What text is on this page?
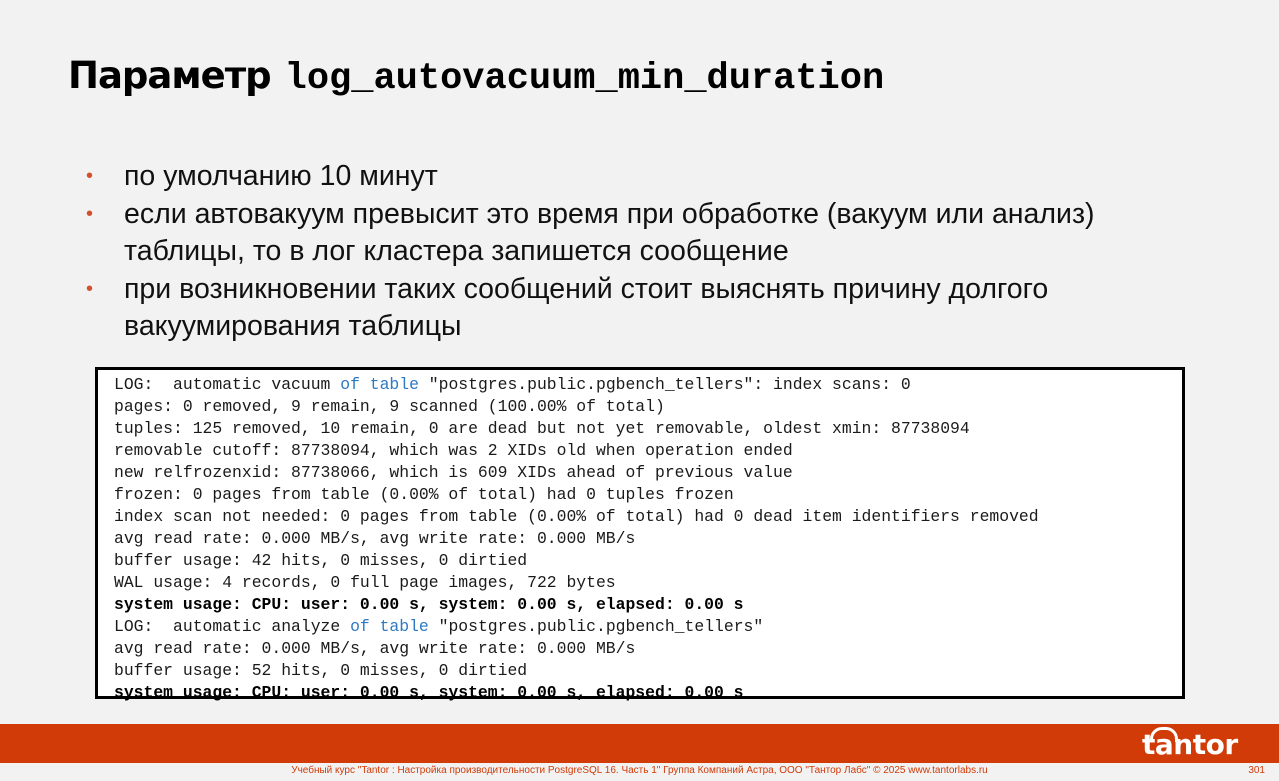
Параметр log_autovacuum_min_duration
• по умолчанию 10 минут
• если автовакуум превысит это время при обработке (вакуум или анализ) таблицы, то в лог кластера запишется сообщение
• при возникновении таких сообщений стоит выяснять причину долгого вакуумирования таблицы
LOG:  automatic vacuum of table "postgres.public.pgbench_tellers": index scans: 0
pages: 0 removed, 9 remain, 9 scanned (100.00% of total)
tuples: 125 removed, 10 remain, 0 are dead but not yet removable, oldest xmin: 87738094
removable cutoff: 87738094, which was 2 XIDs old when operation ended
new relfrozenxid: 87738066, which is 609 XIDs ahead of previous value
frozen: 0 pages from table (0.00% of total) had 0 tuples frozen
index scan not needed: 0 pages from table (0.00% of total) had 0 dead item identifiers removed
avg read rate: 0.000 MB/s, avg write rate: 0.000 MB/s
buffer usage: 42 hits, 0 misses, 0 dirtied
WAL usage: 4 records, 0 full page images, 722 bytes
system usage: CPU: user: 0.00 s, system: 0.00 s, elapsed: 0.00 s
LOG:  automatic analyze of table "postgres.public.pgbench_tellers"
avg read rate: 0.000 MB/s, avg write rate: 0.000 MB/s
buffer usage: 52 hits, 0 misses, 0 dirtied
system usage: CPU: user: 0.00 s, system: 0.00 s, elapsed: 0.00 s
tantor
Учебный курс "Tantor : Настройка производительности PostgreSQL 16. Часть 1" Группа Компаний Астра, ООО "Тантор Лабс" © 2025 www.tantorlabs.ru	301
